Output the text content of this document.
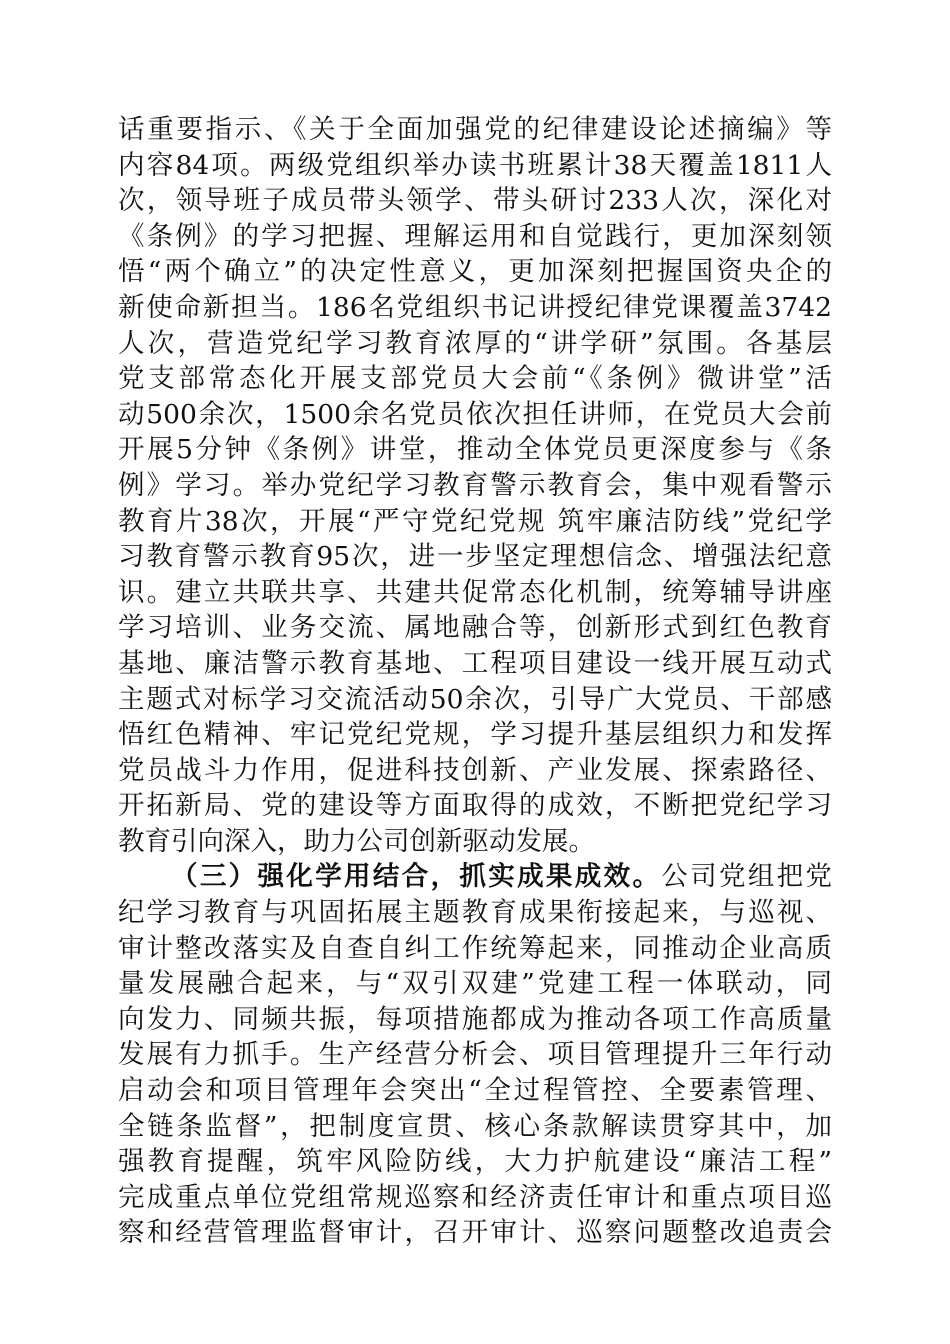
话重要指示、《关于全面加强党的纪律建设论述摘编》等
内容84项。两级党组织举办读书班累计38天覆盖1811人
次，领导班子成员带头领学、带头研讨233人次，深化对
《条例》的学习把握、理解运用和自觉践行，更加深刻领
悟“两个确立”的决定性意义，更加深刻把握国资央企的
新使命新担当。186名党组织书记讲授纪律党课覆盖3742
人次，营造党纪学习教育浓厚的“讲学研”氛围。各基层
党支部常态化开展支部党员大会前“《条例》微讲堂”活
动500余次，1500余名党员依次担任讲师，在党员大会前
开展5分钟《条例》讲堂，推动全体党员更深度参与《条
例》学习。举办党纪学习教育警示教育会，集中观看警示
教育片38次，开展“严守党纪党规 筑牢廉洁防线”党纪学
习教育警示教育95次，进一步坚定理想信念、增强法纪意
识。建立共联共享、共建共促常态化机制，统筹辅导讲座
学习培训、业务交流、属地融合等，创新形式到红色教育
基地、廉洁警示教育基地、工程项目建设一线开展互动式
主题式对标学习交流活动50余次，引导广大党员、干部感
悟红色精神、牢记党纪党规，学习提升基层组织力和发挥
党员战斗力作用，促进科技创新、产业发展、探索路径、
开拓新局、党的建设等方面取得的成效，不断把党纪学习
教育引向深入，助力公司创新驱动发展。
（三）强化学用结合，抓实成果成效。公司党组把党
纪学习教育与巩固拓展主题教育成果衔接起来，与巡视、
审计整改落实及自查自纠工作统筹起来，同推动企业高质
量发展融合起来，与“双引双建”党建工程一体联动，同
向发力、同频共振，每项措施都成为推动各项工作高质量
发展有力抓手。生产经营分析会、项目管理提升三年行动
启动会和项目管理年会突出“全过程管控、全要素管理、
全链条监督”，把制度宣贯、核心条款解读贯穿其中，加
强教育提醒，筑牢风险防线，大力护航建设“廉洁工程”
完成重点单位党组常规巡察和经济责任审计和重点项目巡
察和经营管理监督审计，召开审计、巡察问题整改追责会
